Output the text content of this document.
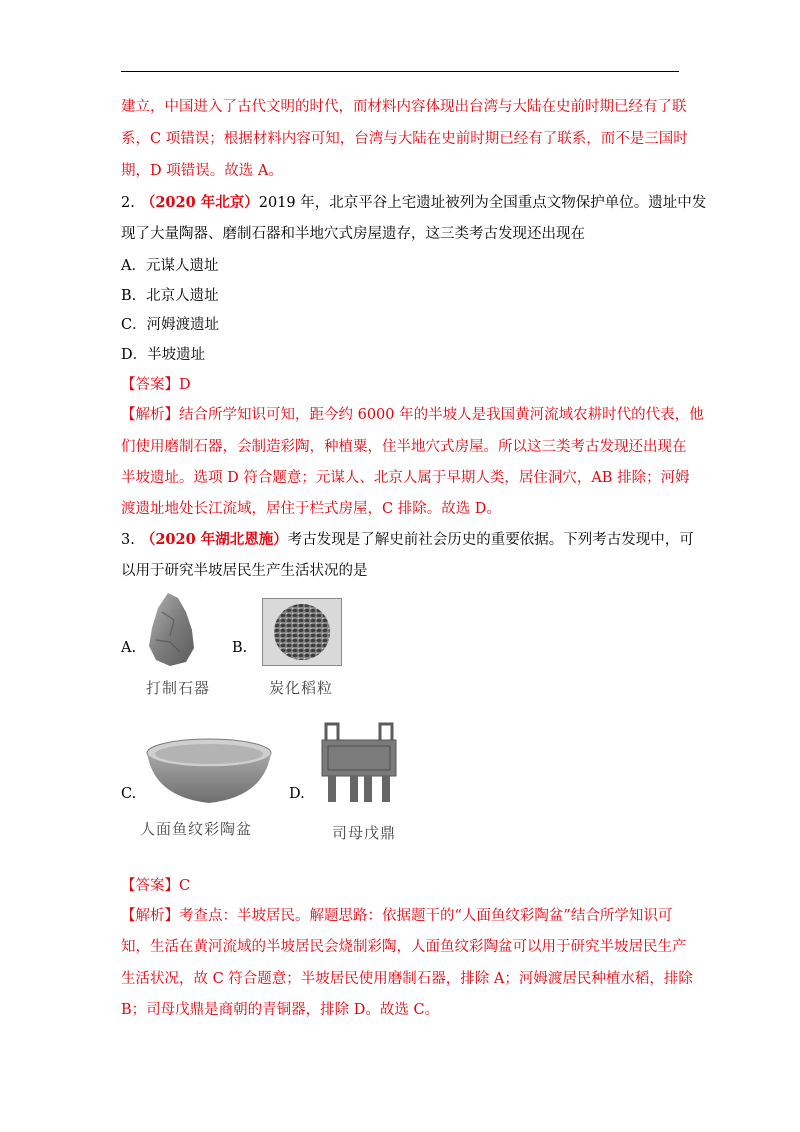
建立，中国进入了古代文明的时代，而材料内容体现出台湾与大陆在史前时期已经有了联
系，C 项错误；根据材料内容可知，台湾与大陆在史前时期已经有了联系，而不是三国时
期，D 项错误。故选 A。
2. （2020 年北京）2019 年，北京平谷上宅遗址被列为全国重点文物保护单位。遗址中发
现了大量陶器、磨制石器和半地穴式房屋遗存，这三类考古发现还出现在
A．元谋人遗址
B．北京人遗址
C．河姆渡遗址
D．半坡遗址
【答案】D
【解析】结合所学知识可知，距今约 6000 年的半坡人是我国黄河流域农耕时代的代表，他
们使用磨制石器，会制造彩陶，种植粟，住半地穴式房屋。所以这三类考古发现还出现在
半坡遗址。选项 D 符合题意；元谋人、北京人属于早期人类，居住洞穴，AB 排除；河姆
渡遗址地处长江流域，居住于栏式房屋，C 排除。故选 D。
3. （2020 年湖北恩施）考古发现是了解史前社会历史的重要依据。下列考古发现中，可
以用于研究半坡居民生产生活状况的是
A.
打制石器
B.
炭化稻粒
C.
人面鱼纹彩陶盆
D.
司母戊鼎
【答案】C
【解析】考查点：半坡居民。解题思路：依据题干的“人面鱼纹彩陶盆”结合所学知识可
知，生活在黄河流域的半坡居民会烧制彩陶，人面鱼纹彩陶盆可以用于研究半坡居民生产
生活状况，故 C 符合题意；半坡居民使用磨制石器，排除 A；河姆渡居民种植水稻，排除
B；司母戊鼎是商朝的青铜器，排除 D。故选 C。
